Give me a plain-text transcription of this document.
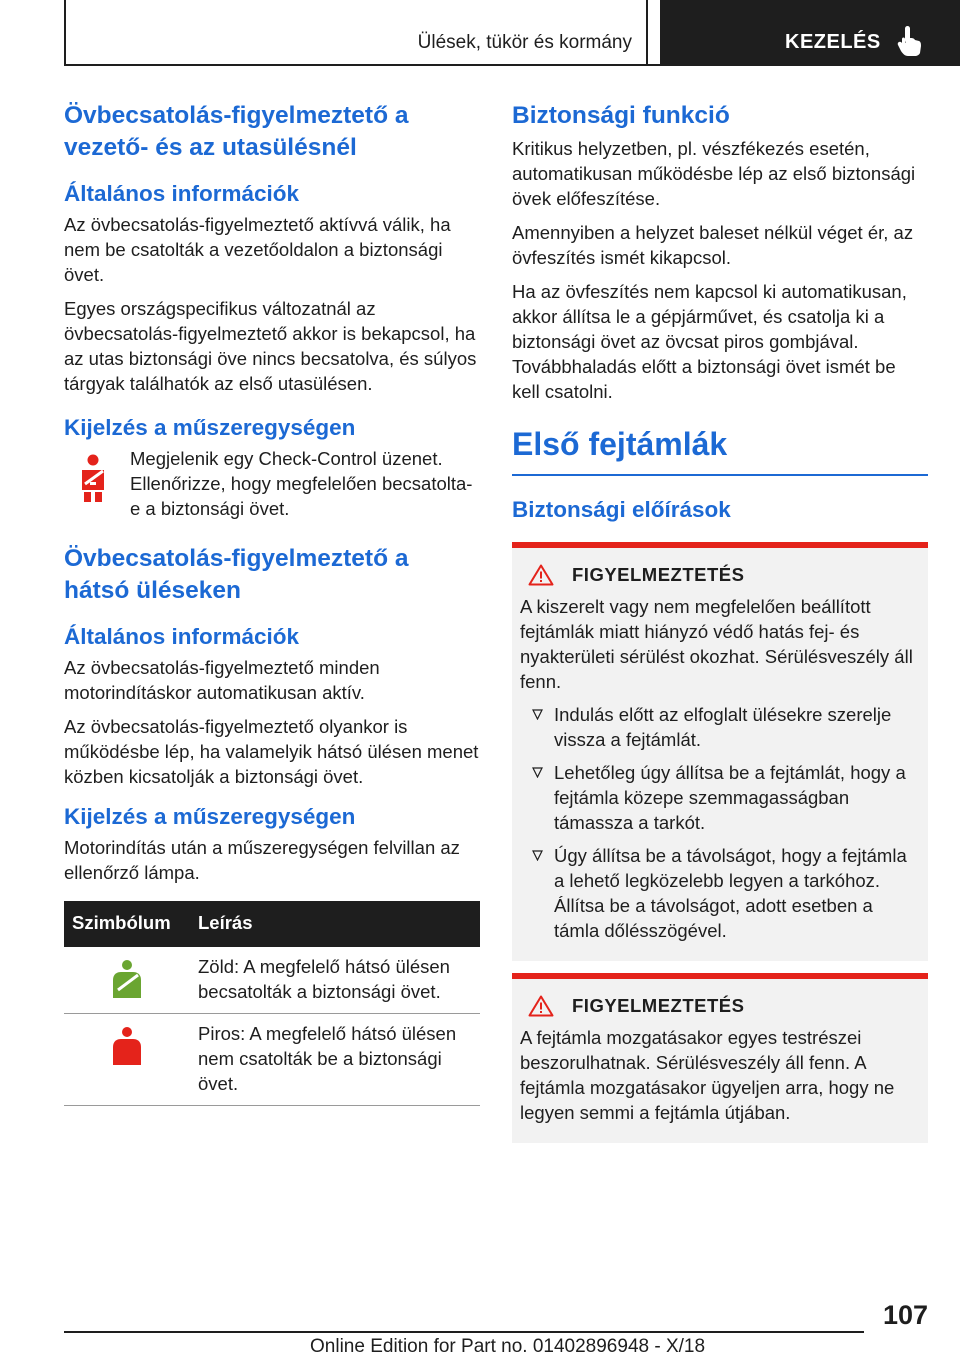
Ülések, tükör és kormány	KEZELÉS
Övbecsatolás-figyelmeztető a vezető- és az utasülésnél
Általános információk

Az övbecsatolás-figyelmeztető aktívvá válik, ha nem be csatolták a vezetőoldalon a biztonsági övet.

Egyes országspecifikus változatnál az övbecsatolás-figyelmeztető akkor is bekapcsol, ha az utas biztonsági öve nincs becsatolva, és súlyos tárgyak találhatók az első utasülésen.

Kijelzés a műszeregységen

Megjelenik egy Check-Control üzenet. Ellenőrizze, hogy megfelelően becsatolta-e a biztonsági övet.

Övbecsatolás-figyelmeztető a hátsó üléseken
Általános információk

Az övbecsatolás-figyelmeztető minden motorindításkor automatikusan aktív.

Az övbecsatolás-figyelmeztető olyankor is működésbe lép, ha valamelyik hátsó ülésen menet közben kicsatolják a biztonsági övet.

Kijelzés a műszeregységen

Motorindítás után a műszeregységen felvillan az ellenőrző lámpa.

Szimbólum	Leírás
	Zöld: A megfelelő hátsó ülésen becsatolták a biztonsági övet.
	Piros: A megfelelő hátsó ülésen nem csatolták be a biztonsági övet.
Biztonsági funkció

Kritikus helyzetben, pl. vészfékezés esetén, automatikusan működésbe lép az első biztonsági övek előfeszítése.

Amennyiben a helyzet baleset nélkül véget ér, az övfeszítés ismét kikapcsol.

Ha az övfeszítés nem kapcsol ki automatikusan, akkor állítsa le a gépjárművet, és csatolja ki a biztonsági övet az övcsat piros gombjával. Továbbhaladás előtt a biztonsági övet ismét be kell csatolni.

Első fejtámlák
Biztonsági előírások
FIGYELMEZTETÉS

A kiszerelt vagy nem megfelelően beállított fejtámlák miatt hiányzó védő hatás fej- és nyakterületi sérülést okozhat. Sérülésveszély áll fenn.

Indulás előtt az elfoglalt ülésekre szerelje vissza a fejtámlát.
Lehetőleg úgy állítsa be a fejtámlát, hogy a fejtámla közepe szemmagasságban támassza a tarkót.
Úgy állítsa be a távolságot, hogy a fejtámla a lehető legközelebb legyen a tarkóhoz. Állítsa be a távolságot, adott esetben a támla dőlésszögével.
FIGYELMEZTETÉS

A fejtámla mozgatásakor egyes testrészei beszorulhatnak. Sérülésveszély áll fenn. A fejtámla mozgatásakor ügyeljen arra, hogy ne legyen semmi a fejtámla útjában.

107
Online Edition for Part no. 01402896948 - X/18
